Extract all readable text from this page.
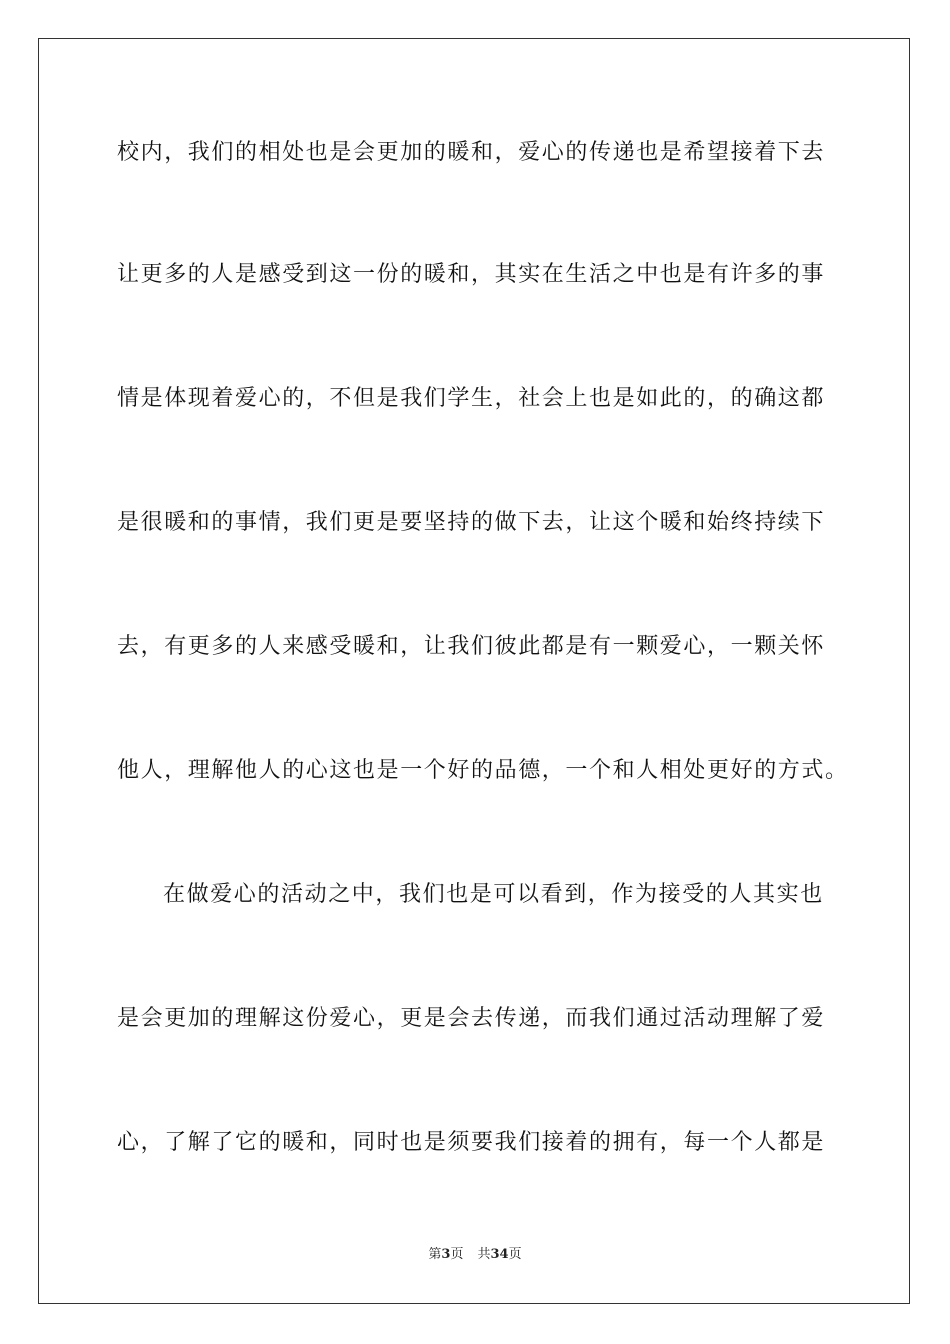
校内，我们的相处也是会更加的暖和，爱心的传递也是希望接着下去
让更多的人是感受到这一份的暖和，其实在生活之中也是有许多的事
情是体现着爱心的，不但是我们学生，社会上也是如此的，的确这都
是很暖和的事情，我们更是要坚持的做下去，让这个暖和始终持续下
去，有更多的人来感受暖和，让我们彼此都是有一颗爱心，一颗关怀
他人，理解他人的心这也是一个好的品德，一个和人相处更好的方式。
在做爱心的活动之中，我们也是可以看到，作为接受的人其实也
是会更加的理解这份爱心，更是会去传递，而我们通过活动理解了爱
心，了解了它的暖和，同时也是须要我们接着的拥有，每一个人都是
第3页 共34页
